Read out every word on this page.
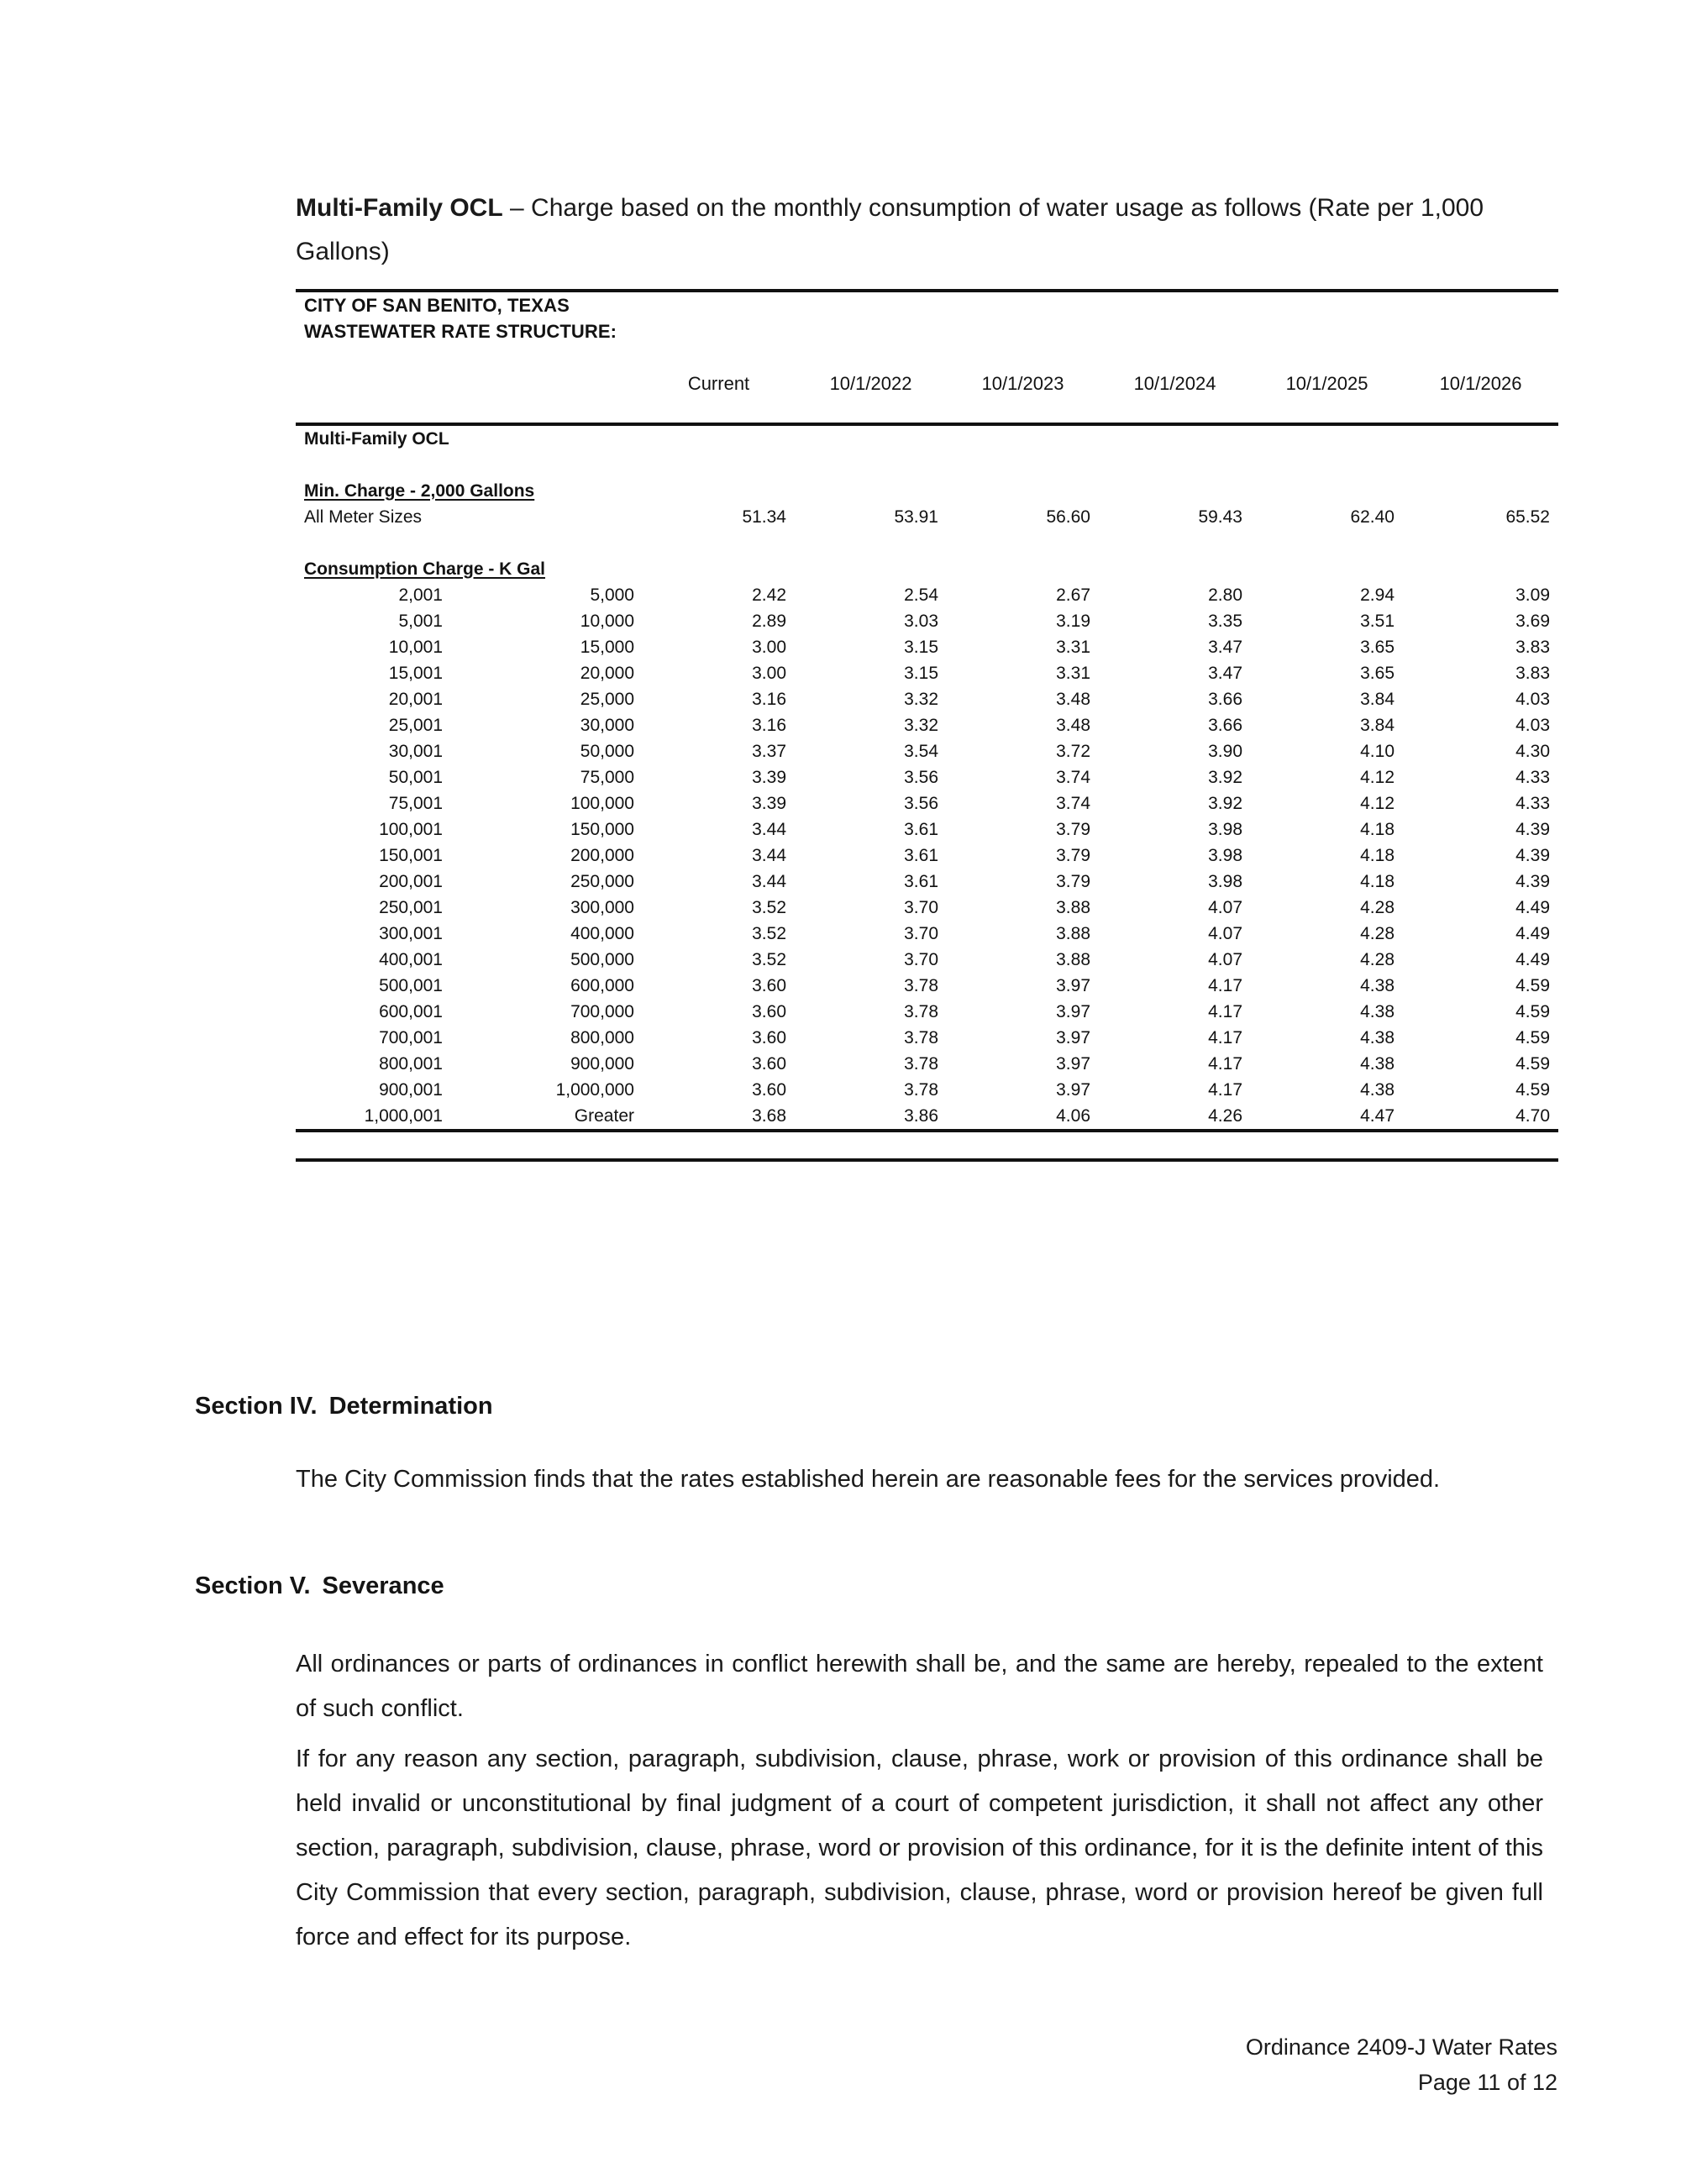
Multi-Family OCL – Charge based on the monthly consumption of water usage as follows (Rate per 1,000 Gallons)
CITY OF SAN BENITO, TEXAS							
WASTEWATER RATE STRUCTURE:							

		Current	10/1/2022	10/1/2023	10/1/2024	10/1/2025	10/1/2026

Multi-Family OCL							

Min. Charge - 2,000 Gallons							
All Meter Sizes		51.34	53.91	56.60	59.43	62.40	65.52

Consumption Charge - K Gal							
2,001	5,000	2.42	2.54	2.67	2.80	2.94	3.09
5,001	10,000	2.89	3.03	3.19	3.35	3.51	3.69
10,001	15,000	3.00	3.15	3.31	3.47	3.65	3.83
15,001	20,000	3.00	3.15	3.31	3.47	3.65	3.83
20,001	25,000	3.16	3.32	3.48	3.66	3.84	4.03
25,001	30,000	3.16	3.32	3.48	3.66	3.84	4.03
30,001	50,000	3.37	3.54	3.72	3.90	4.10	4.30
50,001	75,000	3.39	3.56	3.74	3.92	4.12	4.33
75,001	100,000	3.39	3.56	3.74	3.92	4.12	4.33
100,001	150,000	3.44	3.61	3.79	3.98	4.18	4.39
150,001	200,000	3.44	3.61	3.79	3.98	4.18	4.39
200,001	250,000	3.44	3.61	3.79	3.98	4.18	4.39
250,001	300,000	3.52	3.70	3.88	4.07	4.28	4.49
300,001	400,000	3.52	3.70	3.88	4.07	4.28	4.49
400,001	500,000	3.52	3.70	3.88	4.07	4.28	4.49
500,001	600,000	3.60	3.78	3.97	4.17	4.38	4.59
600,001	700,000	3.60	3.78	3.97	4.17	4.38	4.59
700,001	800,000	3.60	3.78	3.97	4.17	4.38	4.59
800,001	900,000	3.60	3.78	3.97	4.17	4.38	4.59
900,001	1,000,000	3.60	3.78	3.97	4.17	4.38	4.59
1,000,001	Greater	3.68	3.86	4.06	4.26	4.47	4.70

Section IV. Determination
The City Commission finds that the rates established herein are reasonable fees for the services provided.
Section V. Severance
All ordinances or parts of ordinances in conflict herewith shall be, and the same are hereby, repealed to the extent of such conflict.
If for any reason any section, paragraph, subdivision, clause, phrase, work or provision of this ordinance shall be held invalid or unconstitutional by final judgment of a court of competent jurisdiction, it shall not affect any other section, paragraph, subdivision, clause, phrase, word or provision of this ordinance, for it is the definite intent of this City Commission that every section, paragraph, subdivision, clause, phrase, word or provision hereof be given full force and effect for its purpose.
Ordinance 2409-J Water Rates
Page 11 of 12
